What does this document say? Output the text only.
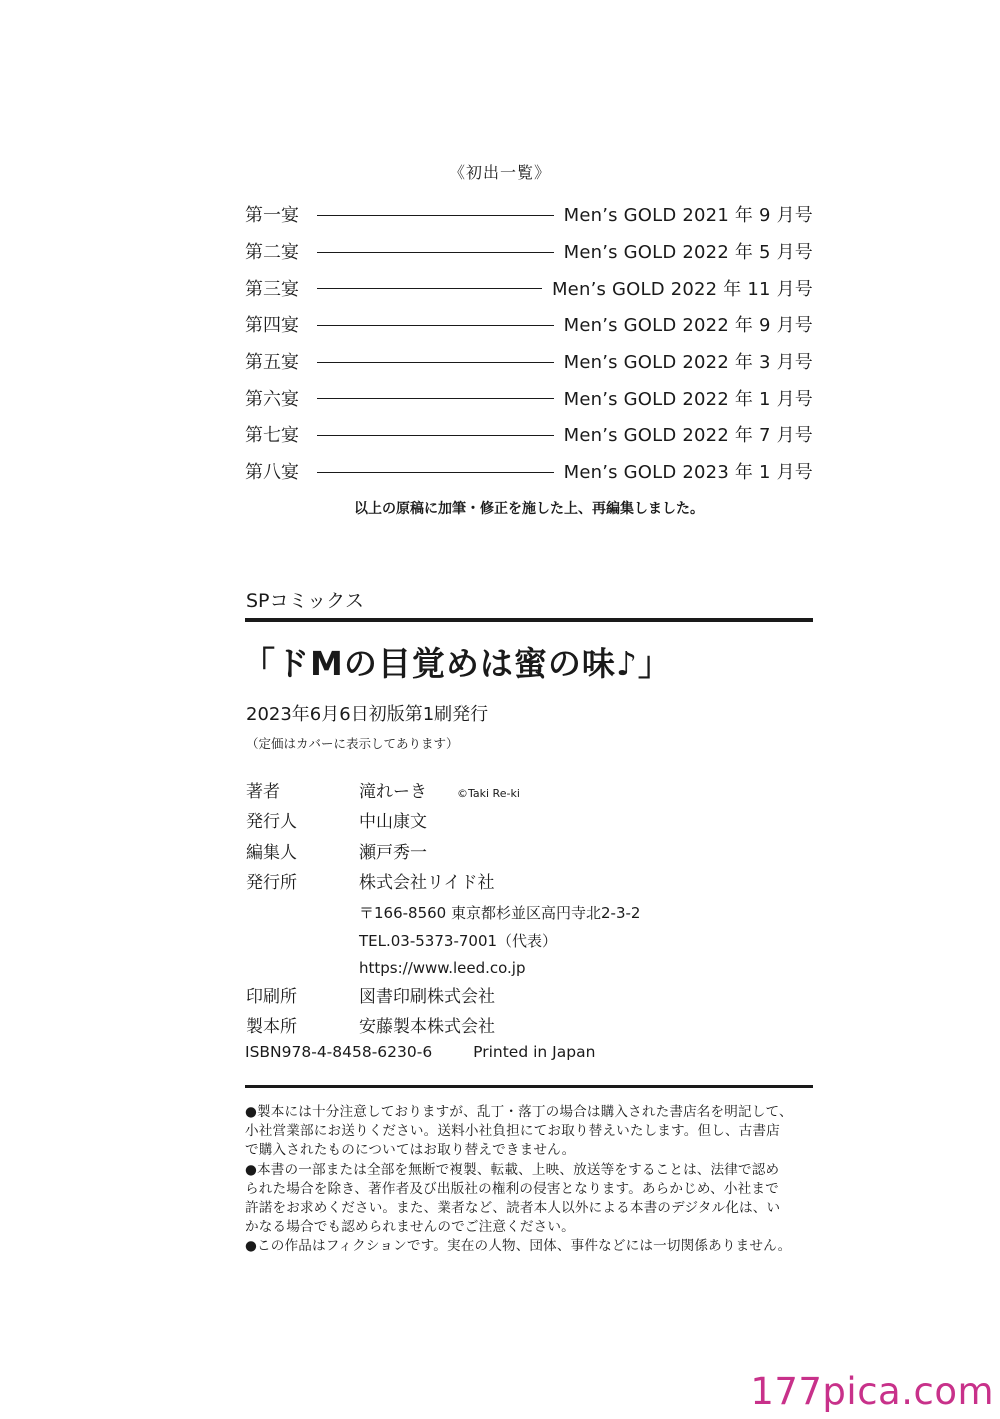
《初出一覧》
第一宴	Men’s GOLD 2021 年 9 月号
第二宴	Men’s GOLD 2022 年 5 月号
第三宴	Men’s GOLD 2022 年 11 月号
第四宴	Men’s GOLD 2022 年 9 月号
第五宴	Men’s GOLD 2022 年 3 月号
第六宴	Men’s GOLD 2022 年 1 月号
第七宴	Men’s GOLD 2022 年 7 月号
第八宴	Men’s GOLD 2023 年 1 月号
以上の原稿に加筆・修正を施した上、再編集しました。
SPコミックス
「ドMの目覚めは蜜の味♪」
2023年6月6日初版第1刷発行
（定価はカバーに表示してあります）
著者	滝れーき	©Taki Re-ki
発行人	中山康文
編集人	瀬戸秀一
発行所	株式会社リイド社
〒166-8560 東京都杉並区高円寺北2-3-2
TEL.03-5373-7001（代表）
https://www.leed.co.jp
印刷所	図書印刷株式会社
製本所	安藤製本株式会社
ISBN978-4-8458-6230-6	Printed in Japan

●製本には十分注意しておりますが、乱丁・落丁の場合は購入された書店名を明記して、

小社営業部にお送りください。送料小社負担にてお取り替えいたします。但し、古書店

で購入されたものについてはお取り替えできません。

●本書の一部または全部を無断で複製、転載、上映、放送等をすることは、法律で認め

られた場合を除き、著作者及び出版社の権利の侵害となります。あらかじめ、小社まで

許諾をお求めください。また、業者など、読者本人以外による本書のデジタル化は、い

かなる場合でも認められませんのでご注意ください。

●この作品はフィクションです。実在の人物、団体、事件などには一切関係ありません。

177pica.com
